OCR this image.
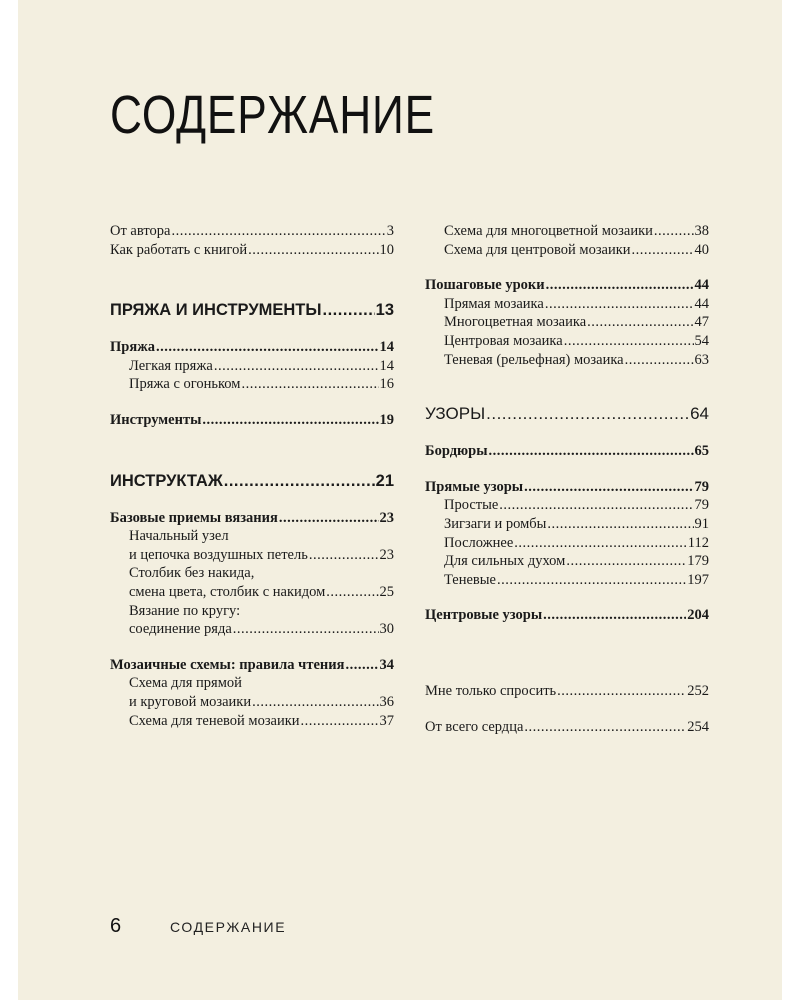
СОДЕРЖАНИЕ
От автора .....	3
Как работать с книгой .....	10
ПРЯЖА И ИНСТРУМЕНТЫ .....	13
Пряжа .....	14
Легкая пряжа .....	14
Пряжа с огоньком .....	16
Инструменты .....	19
ИНСТРУКТАЖ .....	21
Базовые приемы вязания .....	23
Начальный узел
и цепочка воздушных петель .....	23
Столбик без накида,
смена цвета, столбик с накидом .....	25
Вязание по кругу:
соединение ряда .....	30
Мозаичные схемы: правила чтения ..... 34
Схема для прямой
и круговой мозаики .....	36
Схема для теневой мозаики .....	37
Схема для многоцветной мозаики .....	38
Схема для центровой мозаики .....	40
Пошаговые уроки .....	44
Прямая мозаика .....	44
Многоцветная мозаика .....	47
Центровая мозаика .....	54
Теневая (рельефная) мозаика .....	63
УЗОРЫ .....	64
Бордюры .....	65
Прямые узоры .....	79
Простые .....	79
Зигзаги и ромбы .....	91
Посложнее .....	112
Для сильных духом .....	179
Теневые .....	197
Центровые узоры .....	204
Мне только спросить .....	252
От всего сердца .....	254
6	СОДЕРЖАНИЕ
